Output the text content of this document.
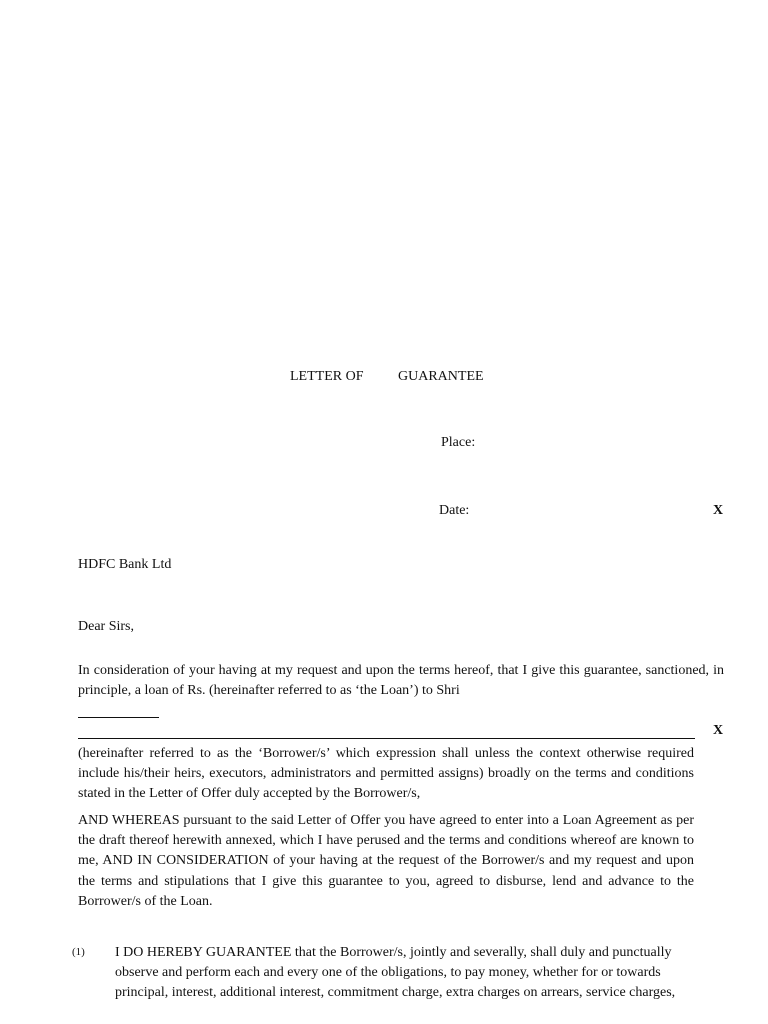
LETTER OF GUARANTEE
Place:
Date:	X
HDFC Bank Ltd
Dear Sirs,
In consideration of your having at my request and upon the terms hereof, that I give this guarantee, sanctioned, in
principle, a loan of Rs. (hereinafter referred to as ‘the Loan’) to Shri
X
(hereinafter referred to as the ‘Borrower/s’ which expression shall unless the context otherwise required include his/their heirs, executors, administrators and permitted assigns) broadly on the terms and conditions stated in the Letter of Offer duly accepted by the Borrower/s,
AND WHEREAS pursuant to the said Letter of Offer you have agreed to enter into a Loan Agreement as per the draft thereof herewith annexed, which I have perused and the terms and conditions whereof are known to me, AND IN CONSIDERATION of your having at the request of the Borrower/s and my request and upon the terms and stipulations that I give this guarantee to you, agreed to disburse, lend and advance to the Borrower/s of the Loan.
(1) I DO HEREBY GUARANTEE that the Borrower/s, jointly and severally, shall duly and punctually observe and perform each and every one of the obligations, to pay money, whether for or towards principal, interest, additional interest, commitment charge, extra charges on arrears, service charges,
